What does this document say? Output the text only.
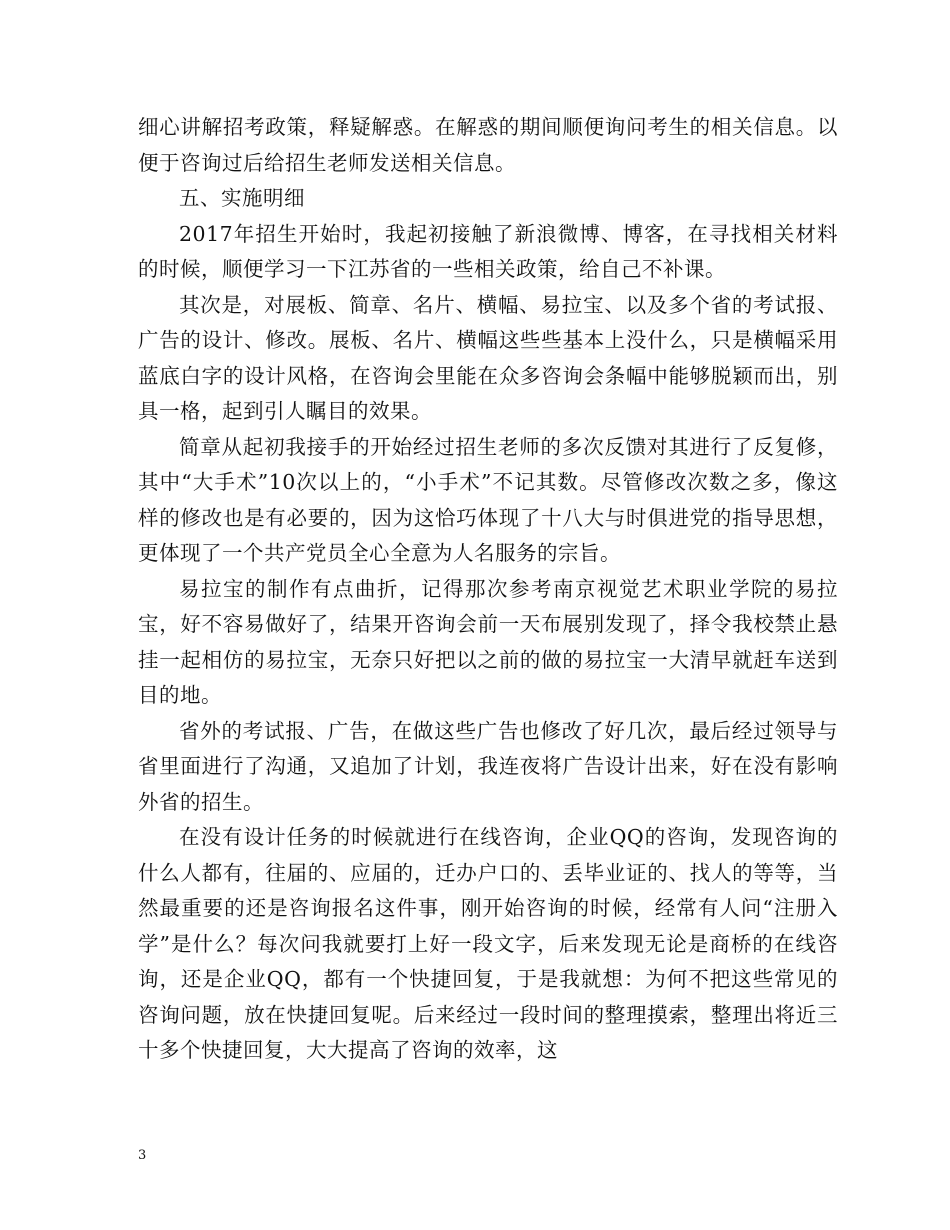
细心讲解招考政策，释疑解惑。在解惑的期间顺便询问考生的相关信息。以便于咨询过后给招生老师发送相关信息。

五、实施明细

2017年招生开始时，我起初接触了新浪微博、博客，在寻找相关材料的时候，顺便学习一下江苏省的一些相关政策，给自己不补课。

其次是，对展板、简章、名片、横幅、易拉宝、以及多个省的考试报、广告的设计、修改。展板、名片、横幅这些些基本上没什么，只是横幅采用蓝底白字的设计风格，在咨询会里能在众多咨询会条幅中能够脱颖而出，别具一格，起到引人瞩目的效果。

简章从起初我接手的开始经过招生老师的多次反馈对其进行了反复修，其中“大手术”10次以上的，“小手术”不记其数。尽管修改次数之多，像这样的修改也是有必要的，因为这恰巧体现了十八大与时俱进党的指导思想，更体现了一个共产党员全心全意为人名服务的宗旨。

易拉宝的制作有点曲折，记得那次参考南京视觉艺术职业学院的易拉宝，好不容易做好了，结果开咨询会前一天布展别发现了，择令我校禁止悬挂一起相仿的易拉宝，无奈只好把以之前的做的易拉宝一大清早就赶车送到目的地。

省外的考试报、广告，在做这些广告也修改了好几次，最后经过领导与省里面进行了沟通，又追加了计划，我连夜将广告设计出来，好在没有影响外省的招生。

在没有设计任务的时候就进行在线咨询，企业QQ的咨询，发现咨询的什么人都有，往届的、应届的，迁办户口的、丢毕业证的、找人的等等，当然最重要的还是咨询报名这件事，刚开始咨询的时候，经常有人问“注册入学”是什么？每次问我就要打上好一段文字，后来发现无论是商桥的在线咨询，还是企业QQ，都有一个快捷回复，于是我就想：为何不把这些常见的咨询问题，放在快捷回复呢。后来经过一段时间的整理摸索，整理出将近三十多个快捷回复，大大提高了咨询的效率，这

3
